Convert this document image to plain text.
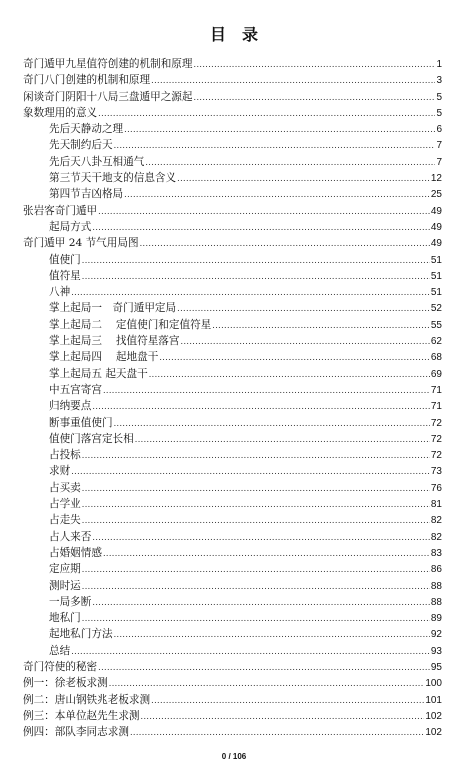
目　录
奇门遁甲九星值符创建的机制和原理 .....	1
奇门八门创建的机制和原理 .....	3
闲谈奇门阴阳十八局三盘遁甲之源起 .....	5
象数理用的意义 .....	5
先后天静动之理 .....	6
先天制约后天 .....	7
先后天八卦互相通气 .....	7
第三节天干地支的信息含义 .....	12
第四节吉凶格局 .....	25
张岩客奇门遁甲 .....	49
起局方式 .....	49
奇门遁甲 24 节气用局图 .....	49
值使门 .....	51
值符星 .....	51
八神 .....	51
掌上起局一　奇门遁甲定局 .....	52
掌上起局二　 定值使门和定值符星 .....	55
掌上起局三　 找值符星落宫 .....	62
掌上起局四　 起地盘干 .....	68
掌上起局五 起天盘干 .....	69
中五宫寄宫 .....	71
归纳要点 .....	71
断事重值使门 .....	72
值使门落宫定长相 .....	72
占投标 .....	72
求财 .....	73
占买卖 .....	76
占学业 .....	81
占走失 .....	82
占人来否 .....	82
占婚姻情感 .....	83
定应期 .....	86
测时运 .....	88
一局多断 .....	88
地私门 .....	89
起地私门方法 .....	92
总结 .....	93
奇门符使的秘密 .....	95
例一：徐老板求测 .....	100
例二：唐山钢铁兆老板求测 .....	101
例三：本单位赵先生求测 .....	102
例四：部队李同志求测 .....	102
0 / 106
